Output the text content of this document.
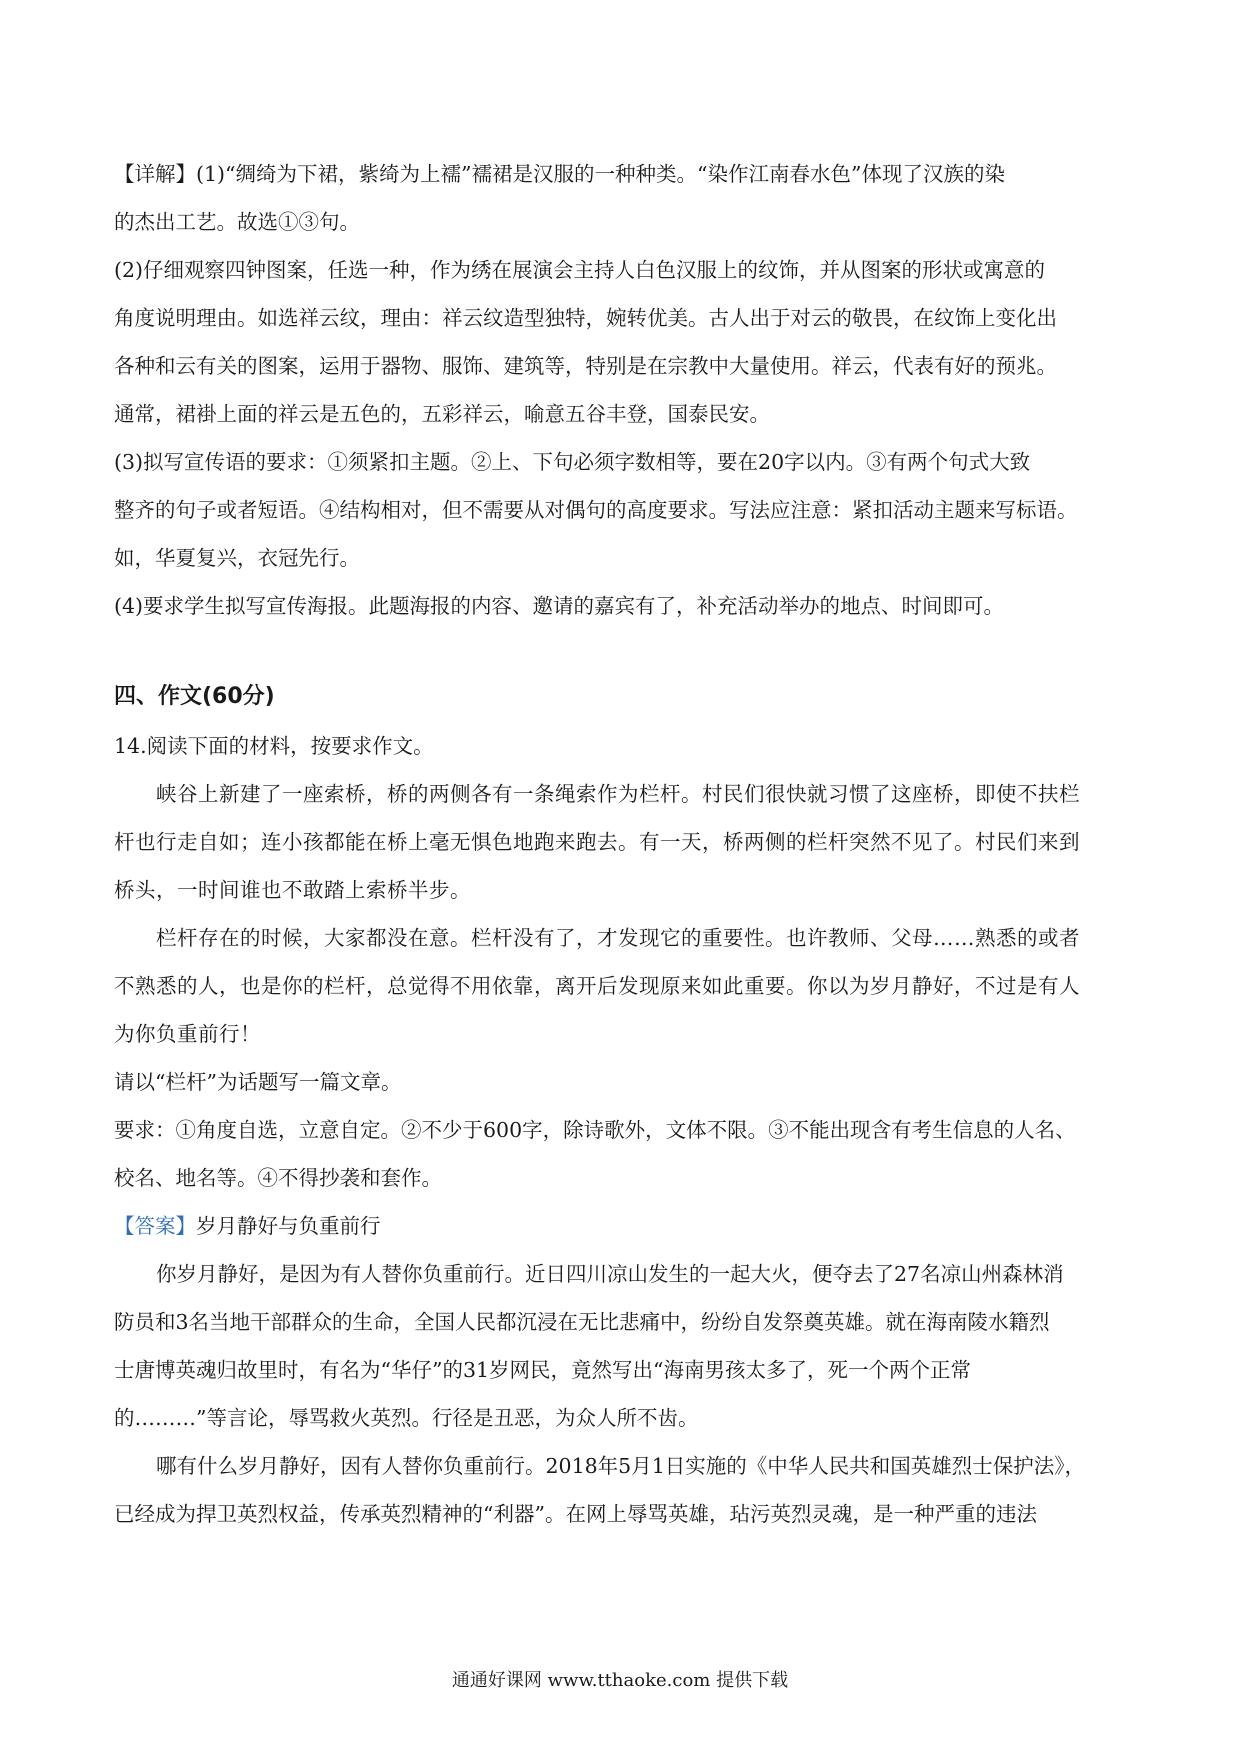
【详解】(1)“绸绮为下裙，紫绮为上襦”襦裙是汉服的一种种类。“染作江南春水色”体现了汉族的染

的杰出工艺。故选①③句。

(2)仔细观察四钟图案，任选一种，作为绣在展演会主持人白色汉服上的纹饰，并从图案的形状或寓意的

角度说明理由。如选祥云纹，理由：祥云纹造型独特，婉转优美。古人出于对云的敬畏，在纹饰上变化出

各种和云有关的图案，运用于器物、服饰、建筑等，特别是在宗教中大量使用。祥云，代表有好的预兆。

通常，裙褂上面的祥云是五色的，五彩祥云，喻意五谷丰登，国泰民安。

(3)拟写宣传语的要求：①须紧扣主题。②上、下句必须字数相等，要在20字以内。③有两个句式大致

整齐的句子或者短语。④结构相对，但不需要从对偶句的高度要求。写法应注意：紧扣活动主题来写标语。

如，华夏复兴，衣冠先行。

(4)要求学生拟写宣传海报。此题海报的内容、邀请的嘉宾有了，补充活动举办的地点、时间即可。

四、作文(60分)

14.阅读下面的材料，按要求作文。

峡谷上新建了一座索桥，桥的两侧各有一条绳索作为栏杆。村民们很快就习惯了这座桥，即使不扶栏

杆也行走自如；连小孩都能在桥上毫无惧色地跑来跑去。有一天，桥两侧的栏杆突然不见了。村民们来到

桥头，一时间谁也不敢踏上索桥半步。

栏杆存在的时候，大家都没在意。栏杆没有了，才发现它的重要性。也许教师、父母……熟悉的或者

不熟悉的人，也是你的栏杆，总觉得不用依靠，离开后发现原来如此重要。你以为岁月静好，不过是有人

为你负重前行！

请以“栏杆”为话题写一篇文章。

要求：①角度自选，立意自定。②不少于600字，除诗歌外，文体不限。③不能出现含有考生信息的人名、

校名、地名等。④不得抄袭和套作。

【答案】岁月静好与负重前行

你岁月静好，是因为有人替你负重前行。近日四川凉山发生的一起大火，便夺去了27名凉山州森林消

防员和3名当地干部群众的生命，全国人民都沉浸在无比悲痛中，纷纷自发祭奠英雄。就在海南陵水籍烈

士唐博英魂归故里时，有名为“华仔”的31岁网民，竟然写出“海南男孩太多了，死一个两个正常

的………”等言论，辱骂救火英烈。行径是丑恶，为众人所不齿。

哪有什么岁月静好，因有人替你负重前行。2018年5月1日实施的《中华人民共和国英雄烈士保护法》，

已经成为捍卫英烈权益，传承英烈精神的“利器”。在网上辱骂英雄，玷污英烈灵魂，是一种严重的违法

通通好课网 www.tthaoke.com 提供下载
